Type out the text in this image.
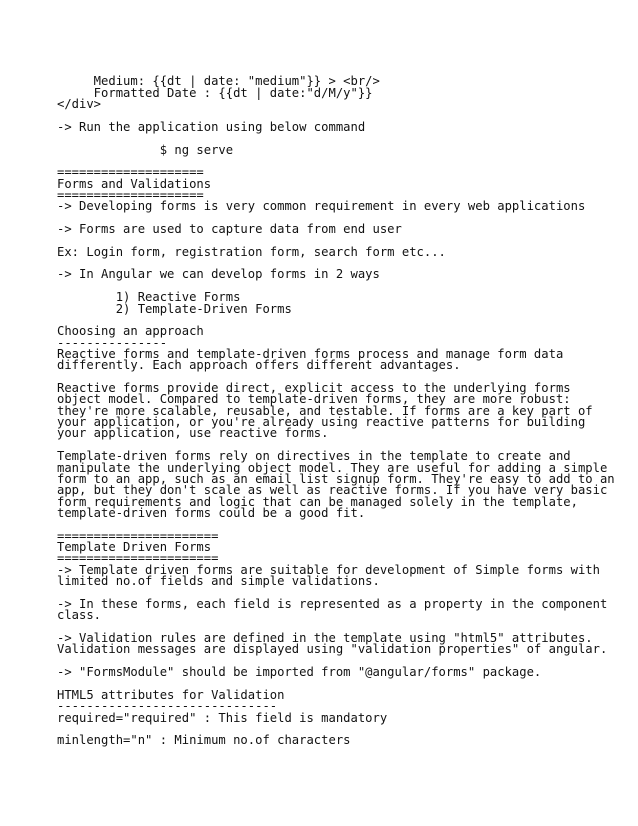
Medium: {{dt | date: "medium"}} > <br/>
Formatted Date : {{dt | date:"d/M/y"}}
</div>
-> Run the application using below command
$ ng serve
====================
Forms and Validations
====================
-> Developing forms is very common requirement in every web applications
-> Forms are used to capture data from end user
Ex: Login form, registration form, search form etc...
-> In Angular we can develop forms in 2 ways
1) Reactive Forms
2) Template-Driven Forms
Choosing an approach
---------------
Reactive forms and template-driven forms process and manage form data
differently. Each approach offers different advantages.
Reactive forms provide direct, explicit access to the underlying forms
object model. Compared to template-driven forms, they are more robust:
they're more scalable, reusable, and testable. If forms are a key part of
your application, or you're already using reactive patterns for building
your application, use reactive forms.
Template-driven forms rely on directives in the template to create and
manipulate the underlying object model. They are useful for adding a simple
form to an app, such as an email list signup form. They're easy to add to an
app, but they don't scale as well as reactive forms. If you have very basic
form requirements and logic that can be managed solely in the template,
template-driven forms could be a good fit.
======================
Template Driven Forms
======================
-> Template driven forms are suitable for development of Simple forms with
limited no.of fields and simple validations.
-> In these forms, each field is represented as a property in the component
class.
-> Validation rules are defined in the template using "html5" attributes.
Validation messages are displayed using "validation properties" of angular.
-> "FormsModule" should be imported from "@angular/forms" package.
HTML5 attributes for Validation
------------------------------
required="required" : This field is mandatory
minlength="n" : Minimum no.of characters
